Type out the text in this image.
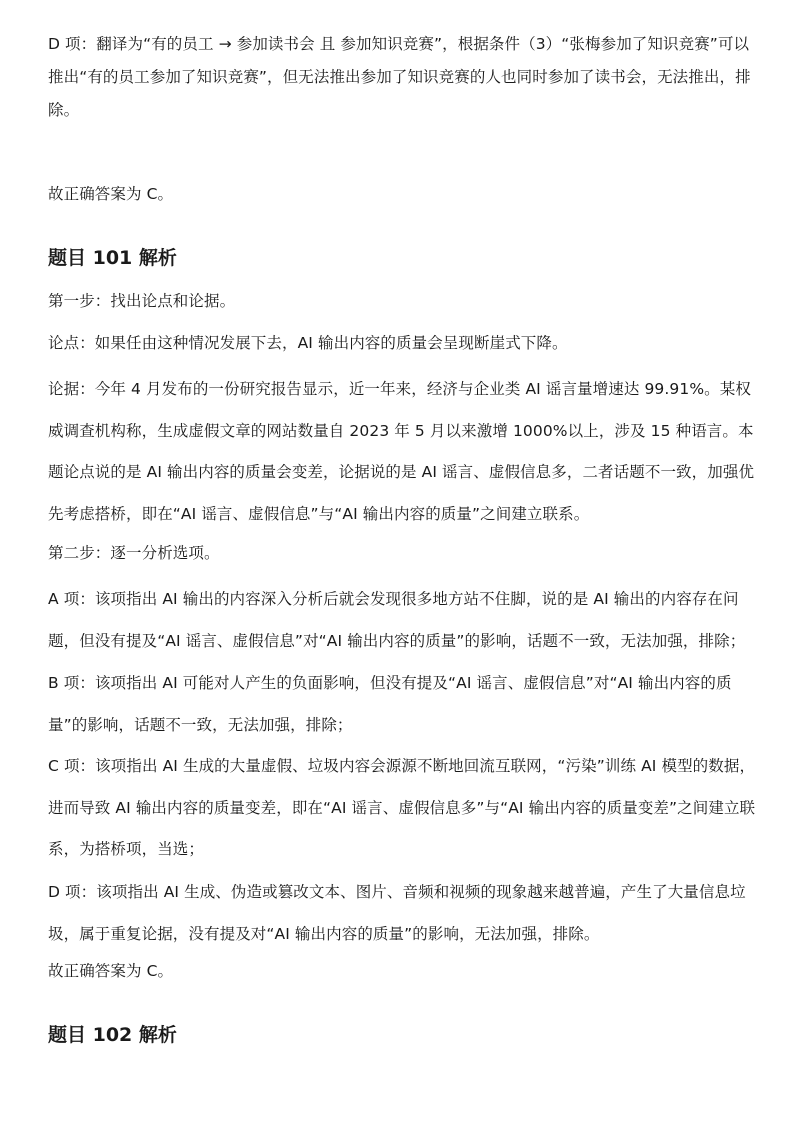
D 项：翻译为“有的员工 → 参加读书会 且 参加知识竞赛”，根据条件（3）“张梅参加了知识竞赛”可以推出“有的员工参加了知识竞赛”，但无法推出参加了知识竞赛的人也同时参加了读书会，无法推出，排除。

故正确答案为 C。

题目 101 解析

第一步：找出论点和论据。

论点：如果任由这种情况发展下去，AI 输出内容的质量会呈现断崖式下降。

论据：今年 4 月发布的一份研究报告显示，近一年来，经济与企业类 AI 谣言量增速达 99.91%。某权威调查机构称，生成虚假文章的网站数量自 2023 年 5 月以来激增 1000%以上，涉及 15 种语言。本题论点说的是 AI 输出内容的质量会变差，论据说的是 AI 谣言、虚假信息多，二者话题不一致，加强优先考虑搭桥，即在“AI 谣言、虚假信息”与“AI 输出内容的质量”之间建立联系。

第二步：逐一分析选项。

A 项：该项指出 AI 输出的内容深入分析后就会发现很多地方站不住脚，说的是 AI 输出的内容存在问题，但没有提及“AI 谣言、虚假信息”对“AI 输出内容的质量”的影响，话题不一致，无法加强，排除；

B 项：该项指出 AI 可能对人产生的负面影响，但没有提及“AI 谣言、虚假信息”对“AI 输出内容的质量”的影响，话题不一致，无法加强，排除；

C 项：该项指出 AI 生成的大量虚假、垃圾内容会源源不断地回流互联网，“污染”训练 AI 模型的数据，进而导致 AI 输出内容的质量变差，即在“AI 谣言、虚假信息多”与“AI 输出内容的质量变差”之间建立联系，为搭桥项，当选；

D 项：该项指出 AI 生成、伪造或篡改文本、图片、音频和视频的现象越来越普遍，产生了大量信息垃圾，属于重复论据，没有提及对“AI 输出内容的质量”的影响，无法加强，排除。

故正确答案为 C。

题目 102 解析
